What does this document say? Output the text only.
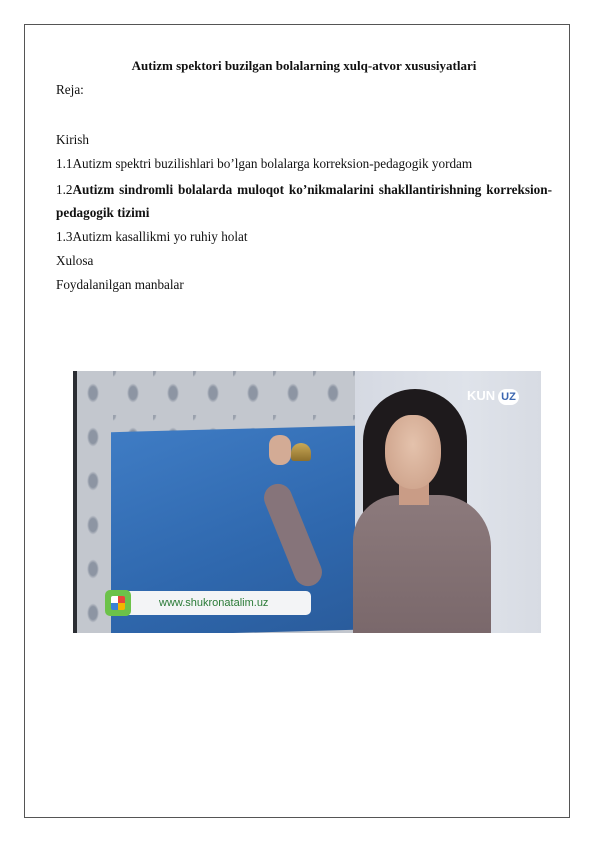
Autizm spektori buzilgan bolalarning xulq-atvor xususiyatlari
Reja:
Kirish
1.1Autizm spektri buzilishlari bo’lgan bolalarga korreksion-pedagogik yordam
1.2Autizm sindromli bolalarda muloqot ko’nikmalarini shakllantirishning korreksion-pedagogik tizimi
1.3Autizm kasallikmi yo ruhiy holat
Xulosa
Foydalanilgan manbalar
KUN UZ
www.shukronatalim.uz
